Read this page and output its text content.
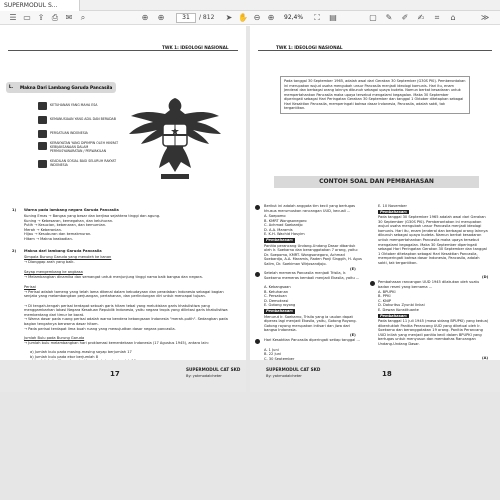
SUPERMODUL S...
☰ ▭ ⇪ ⎙ ✉	⌕	⊕ ⊕	31	/ 812 ➤ ✋ ⊖ ⊕ 92,4% ⛶ ▤	▢ ✎ ✐ ✍	⌗	⌂	≫
TWK 1: IDEOLOGI NASIONAL
L. Makna Dari Lambang Garuda Pancasila
KETUHANAN YANG MAHA ESA
KEMANUSIAAN YANG ADIL DAN BERADAB
PERSATUAN INDONESIA
KERAKYATAN YANG DIPIMPIN OLEH HIKMAT KEBIJAKSANAAN DALAM PERMUSYAWARATAN / PERWAKILAN
KEADILAN SOSIAL BAGI SELURUH RAKYAT INDONESIA
1) Warna pada lambang negara Garuda Pancasila
Kuning Emas → Bangsa yang besar dan berjiwa sejahtera tinggi dan agung.
Kuning → Kebesaran, kemegahan, dan keluhuran.
Putih → Kesucian, kebenaran, dan kemurnian.
Merah → Keberanian.
Hijau → Kesuburan dan kemakmuran.
Hitam → Makna keabadian.
2) Makna dari lambang Garuda Pancasila
Simpala Burung Garuda yang menoleh ke kanan
→ Dianggap arah yang baik.
Sayap mengembang ke angkasa
→ Melambangkan dinamika dan semangat untuk menjunjung tinggi nama baik bangsa dan negara.
Perisai
→ Perisai adalah tameng yang telah lama dikenal dalam kebudayaan dan peradaban Indonesia sebagai bagian senjata yang melambangkan perjuangan, pertahanan, dan perlindungan diri untuk mencapai tujuan.
→ Di tengah-tengah perisai terdapat sebuah garis hitam tebal yang melukiskan garis khatulistiwa yang menggambarkan lokasi Negara Kesatuan Republik Indonesia, yaitu negara tropis yang dilintasi garis khatulistiwa membentang dari timur ke barat.
→ Warna dasar pada ruang perisai adalah warna bendera kebangsaan Indonesia "merah-putih". Sedangkan pada bagian tengahnya berwarna dasar hitam.
→ Pada perisai terdapat lima buah ruang yang mewujudkan dasar negara pancasila.
Jumlah Bulu pada Burung Garuda
→ Jumlah bulu melambangkan hari proklamasi kemerdekaan Indonesia (17 Agustus 1945), antara lain:
a) Jumlah bulu pada masing-masing sayap berjumlah 17
b) Jumlah bulu pada ekor berjumlah 8
17
SUPERMODUL CAT SKD
By: yakmodalcheter
TWK 1: IDEOLOGI NASIONAL
Pada tanggal 30 September 1965, adalah awal dari Gerakan 30 September (G30S PKI). Pemberontakan ini merupakan wujud usaha mengubah unsur Pancasila menjadi ideologi komunis. Hari itu, enam Jenderal dan berbagai orang lainnya dibunuh sebagai upaya kudeta. Namun berkat kesadaran untuk mempertahankan Pancasila maka upaya tersebut mengalami kegagalan. Maka 30 September diperingati sebagai Hari Peringatan Gerakan 30 September dan tanggal 1 Oktober ditetapkan sebagai Hari Kesaktian Pancasila, memperingati bahwa dasar Indonesia, Pancasila, adalah sakti, tak tergantikan.
CONTOH SOAL DAN PEMBAHASAN
Berikut ini adalah anggota tim kecil yang bertugas khusus merumuskan rancangan UUD, kecuali ...
A. Soepomo
B. KMRT Wongsonegoro
C. Achmad Soebardjo
D. A.A. Maramis
E. K.H. Wachid Hasyim
Pembahasan:
Panitia perancang Undang-Undang Dasar dibantuk oleh Ir. Soekarno dan beranggotakan 7 orang, yaitu: Dr. Soepomo, KMRT. Wongsonegoro, Achmad Soebardjo, A.A. Maramis, Raden Panji Singgih, H. Agus Salim, Dr. Soekiman Wirjosandjojo.
(E)
Setelah memeras Pancasila menjadi Trisila, Ir. Soekarno memeras kembali menjadi Ekasila, yaitu ...
A. Kebangsaan
B. Ketuhanan
C. Persatuan
D. Demokrasi
E. Gotong royong
Pembahasan:
Menurut Ir. Soekarno, Trisila yang ia usulan dapat diperas lagi menjadi Ekasila, yaitu, Gotong Royong. Gotong royong merupakan intisari dan jiwa dari bangsa Indonesia.
(E)
Hari Kesaktian Pancasila diperingati setiap tanggal ...
A. 1 Juni
B. 22 Juni
C. 30 September
E. 10 November
Pembahasan:
Pada tanggal 30 September 1965 adalah awal dari Gerakan 30 September (G30S PKI). Pemberontakan ini merupakan wujud usaha mengubah unsur Pancasila menjadi ideologi komunis. Hari itu, enam Jenderal dan berbagai orang lainnya dibunuh sebagai upaya kudeta. Namun berkat kesadaran untuk mempertahankan Pancasila maka upaya tersebut mengalami kegagalan. Maka 30 September diperingati sebagai Hari Peringatan Gerakan 30 September dan tanggal 1 Oktober ditetapkan sebagai Hari Kesaktian Pancasila, memperingati bahwa dasar Indonesia, Pancasila, adalah sakti, tak tergantikan.
(D)
Pembahasan rancangan UUD 1945 dilakukan oleh suatu badan resmi yang bernama ...
A. BPUPKI
B. PPKI
C. KNIP
D. Dokuritsu Zyunbi Iinkai
E. Dewan Konstituante
Pembahasan:
Pada tanggal 11 juli 1945 (masa sidang BPUPKI) yang kedua) dibentuklah Panitia Perancang UUD yang diketuai oleh Ir. Soekarno dan beranggotakan 19 orang. Panitia Perancang UUD inilah yang menjadi panitia kecil dalam BPUPKI yang bertugas untuk menyusun dan membahas Rancangan Undang-Undang Dasar.
(A)
SUPERMODUL CAT SKD
By: yakmodalcheter	18
